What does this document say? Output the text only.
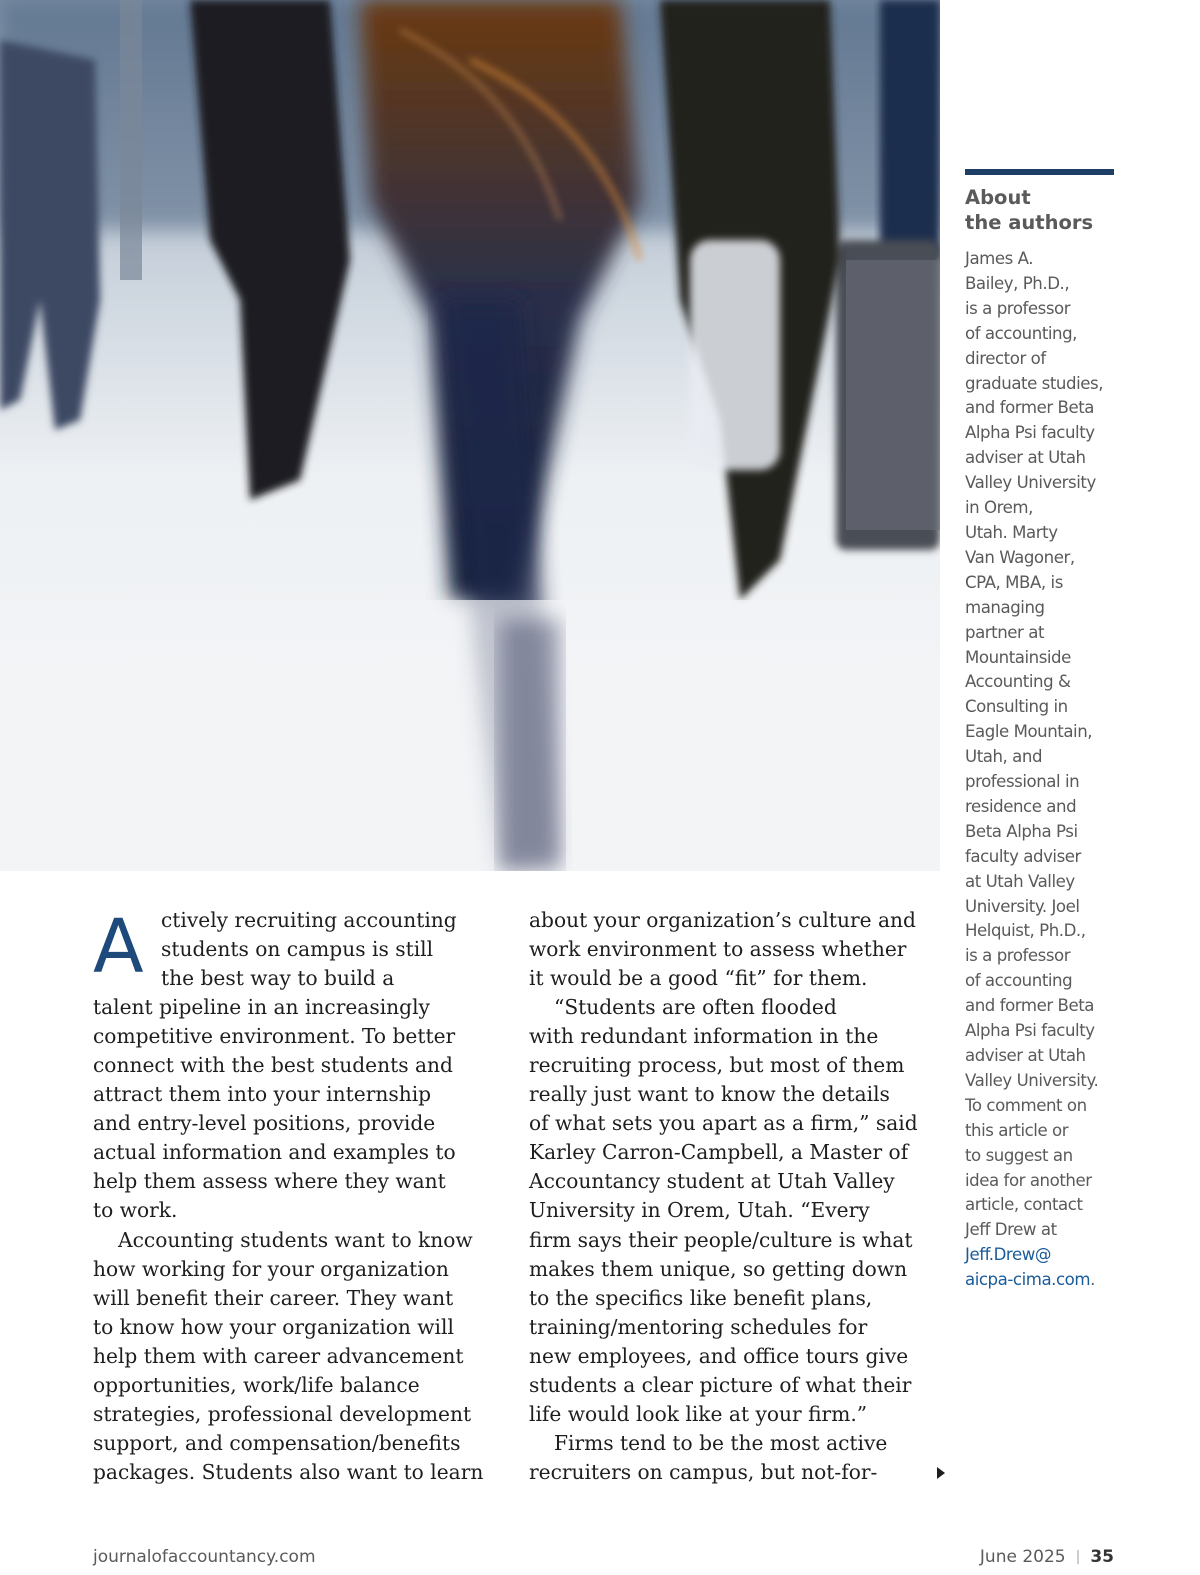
About
the authors
James A.
Bailey, Ph.D.,
is a professor
of accounting,
director of
graduate studies,
and former Beta
Alpha Psi faculty
adviser at Utah
Valley University
in Orem,
Utah. Marty
Van Wagoner,
CPA, MBA, is
managing
partner at
Mountainside
Accounting &
Consulting in
Eagle Mountain,
Utah, and
professional in
residence and
Beta Alpha Psi
faculty adviser
at Utah Valley
University. Joel
Helquist, Ph.D.,
is a professor
of accounting
and former Beta
Alpha Psi faculty
adviser at Utah
Valley University.
To comment on
this article or
to suggest an
idea for another
article, contact
Jeff Drew at
Jeff.Drew@
aicpa-cima.com.
A ctively recruiting accounting
students on campus is still
the best way to build a
talent pipeline in an increasingly
competitive environment. To better
connect with the best students and
attract them into your internship
and entry-level positions, provide
actual information and examples to
help them assess where they want
to work.
Accounting students want to know
how working for your organization
will benefit their career. They want
to know how your organization will
help them with career advancement
opportunities, work/life balance
strategies, professional development
support, and compensation/benefits
packages. Students also want to learn
about your organization’s culture and
work environment to assess whether
it would be a good “fit” for them.
“Students are often flooded
with redundant information in the
recruiting process, but most of them
really just want to know the details
of what sets you apart as a firm,” said
Karley Carron-Campbell, a Master of
Accountancy student at Utah Valley
University in Orem, Utah. “Every
firm says their people/culture is what
makes them unique, so getting down
to the specifics like benefit plans,
training/mentoring schedules for
new employees, and office tours give
students a clear picture of what their
life would look like at your firm.”
Firms tend to be the most active
recruiters on campus, but not-for-
journalofaccountancy.com	June 2025 | 35
